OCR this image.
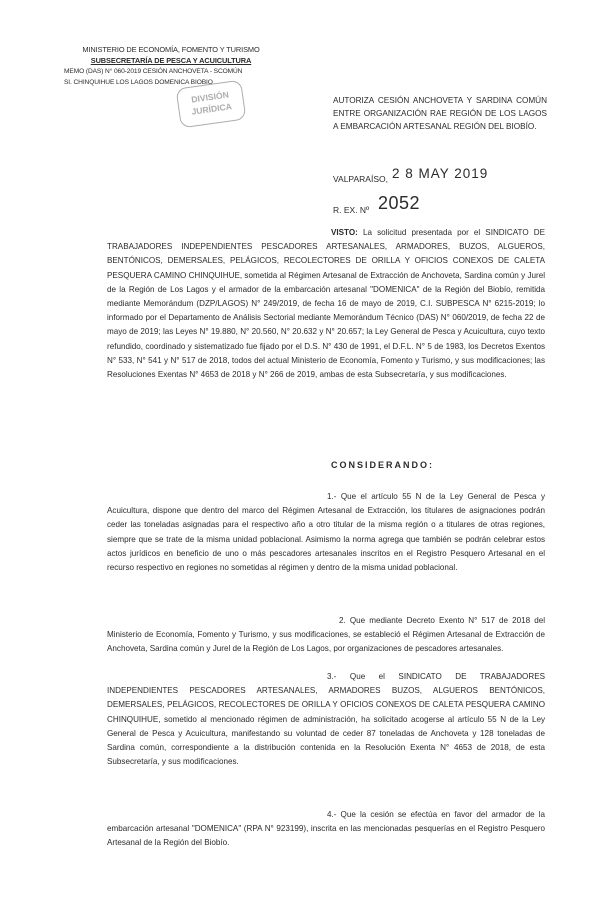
MINISTERIO DE ECONOMÍA, FOMENTO Y TURISMO
SUBSECRETARÍA DE PESCA Y ACUICULTURA
MEMO (DAS) N° 060-2019 CESIÓN ANCHOVETA - SCOMÚN
SI. CHINQUIHUE LOS LAGOS DOMENICA BIOBIO
DIVISIÓN
JURÍDICA
AUTORIZA CESIÓN ANCHOVETA Y SARDINA COMÚN ENTRE ORGANIZACIÓN RAE REGIÓN DE LOS LAGOS A EMBARCACIÓN ARTESANAL REGIÓN DEL BIOBÍO.
VALPARAÍSO, 2 8 MAY 2019
R. EX. Nº 2052
VISTO: La solicitud presentada por el SINDICATO DE TRABAJADORES INDEPENDIENTES PESCADORES ARTESANALES, ARMADORES, BUZOS, ALGUEROS, BENTÓNICOS, DEMERSALES, PELÁGICOS, RECOLECTORES DE ORILLA Y OFICIOS CONEXOS DE CALETA PESQUERA CAMINO CHINQUIHUE, sometida al Régimen Artesanal de Extracción de Anchoveta, Sardina común y Jurel de la Región de Los Lagos y el armador de la embarcación artesanal "DOMENICA" de la Región del Biobío, remitida mediante Memorándum (DZP/LAGOS) N° 249/2019, de fecha 16 de mayo de 2019, C.I. SUBPESCA N° 6215-2019; lo informado por el Departamento de Análisis Sectorial mediante Memorándum Técnico (DAS) N° 060/2019, de fecha 22 de mayo de 2019; las Leyes N° 19.880, N° 20.560, N° 20.632 y N° 20.657; la Ley General de Pesca y Acuicultura, cuyo texto refundido, coordinado y sistematizado fue fijado por el D.S. N° 430 de 1991, el D.F.L. N° 5 de 1983, los Decretos Exentos N° 533, N° 541 y N° 517 de 2018, todos del actual Ministerio de Economía, Fomento y Turismo, y sus modificaciones; las Resoluciones Exentas N° 4653 de 2018 y N° 266 de 2019, ambas de esta Subsecretaría, y sus modificaciones.
CONSIDERANDO:
1.- Que el artículo 55 N de la Ley General de Pesca y Acuicultura, dispone que dentro del marco del Régimen Artesanal de Extracción, los titulares de asignaciones podrán ceder las toneladas asignadas para el respectivo año a otro titular de la misma región o a titulares de otras regiones, siempre que se trate de la misma unidad poblacional. Asimismo la norma agrega que también se podrán celebrar estos actos jurídicos en beneficio de uno o más pescadores artesanales inscritos en el Registro Pesquero Artesanal en el recurso respectivo en regiones no sometidas al régimen y dentro de la misma unidad poblacional.
2. Que mediante Decreto Exento N° 517 de 2018 del Ministerio de Economía, Fomento y Turismo, y sus modificaciones, se estableció el Régimen Artesanal de Extracción de Anchoveta, Sardina común y Jurel de la Región de Los Lagos, por organizaciones de pescadores artesanales.
3.- Que el SINDICATO DE TRABAJADORES INDEPENDIENTES PESCADORES ARTESANALES, ARMADORES BUZOS, ALGUEROS BENTÓNICOS, DEMERSALES, PELÁGICOS, RECOLECTORES DE ORILLA Y OFICIOS CONEXOS DE CALETA PESQUERA CAMINO CHINQUIHUE, sometido al mencionado régimen de administración, ha solicitado acogerse al artículo 55 N de la Ley General de Pesca y Acuicultura, manifestando su voluntad de ceder 87 toneladas de Anchoveta y 128 toneladas de Sardina común, correspondiente a la distribución contenida en la Resolución Exenta N° 4653 de 2018, de esta Subsecretaría, y sus modificaciones.
4.- Que la cesión se efectúa en favor del armador de la embarcación artesanal "DOMENICA" (RPA N° 923199), inscrita en las mencionadas pesquerías en el Registro Pesquero Artesanal de la Región del Biobío.
